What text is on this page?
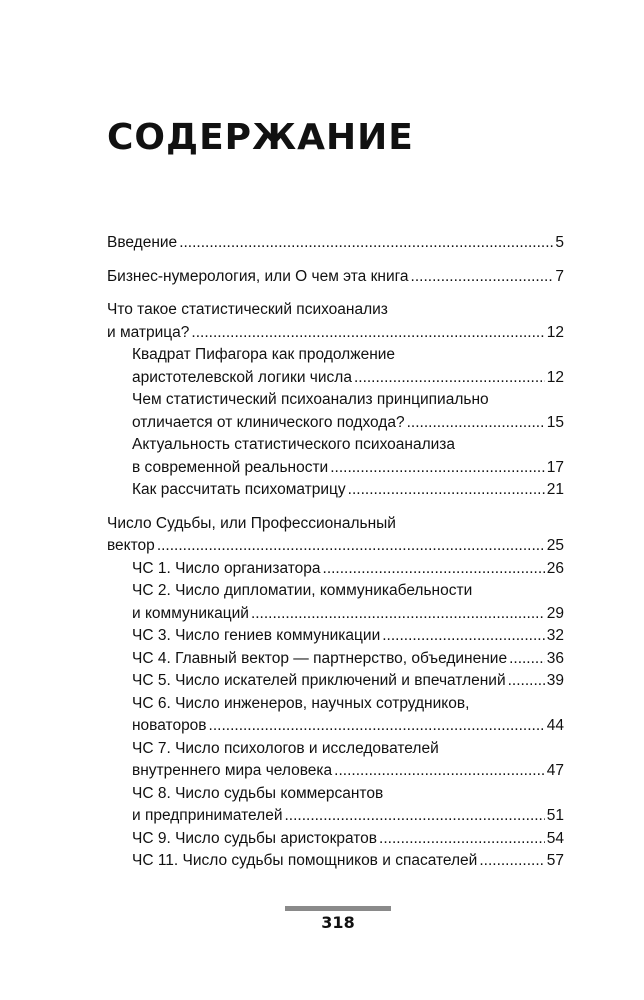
СОДЕРЖАНИЕ
Введение .....	5
Бизнес-нумерология, или О чем эта книга .....	7
Что такое статистический психоанализ
и матрица? .....	12
Квадрат Пифагора как продолжение
аристотелевской логики числа .....	12
Чем статистический психоанализ принципиально
отличается от клинического подхода? .....	15
Актуальность статистического психоанализа
в современной реальности .....	17
Как рассчитать психоматрицу .....	21
Число Судьбы, или Профессиональный
вектор .....	25
ЧС 1. Число организатора .....	26
ЧС 2. Число дипломатии, коммуникабельности
и коммуникаций .....	29
ЧС 3. Число гениев коммуникации .....	32
ЧС 4. Главный вектор — партнерство, объединение .....	36
ЧС 5. Число искателей приключений и впечатлений .....	39
ЧС 6. Число инженеров, научных сотрудников,
новаторов .....	44
ЧС 7. Число психологов и исследователей
внутреннего мира человека .....	47
ЧС 8. Число судьбы коммерсантов
и предпринимателей .....	51
ЧС 9. Число судьбы аристократов .....	54
ЧС 11. Число судьбы помощников и спасателей .....	57
318
